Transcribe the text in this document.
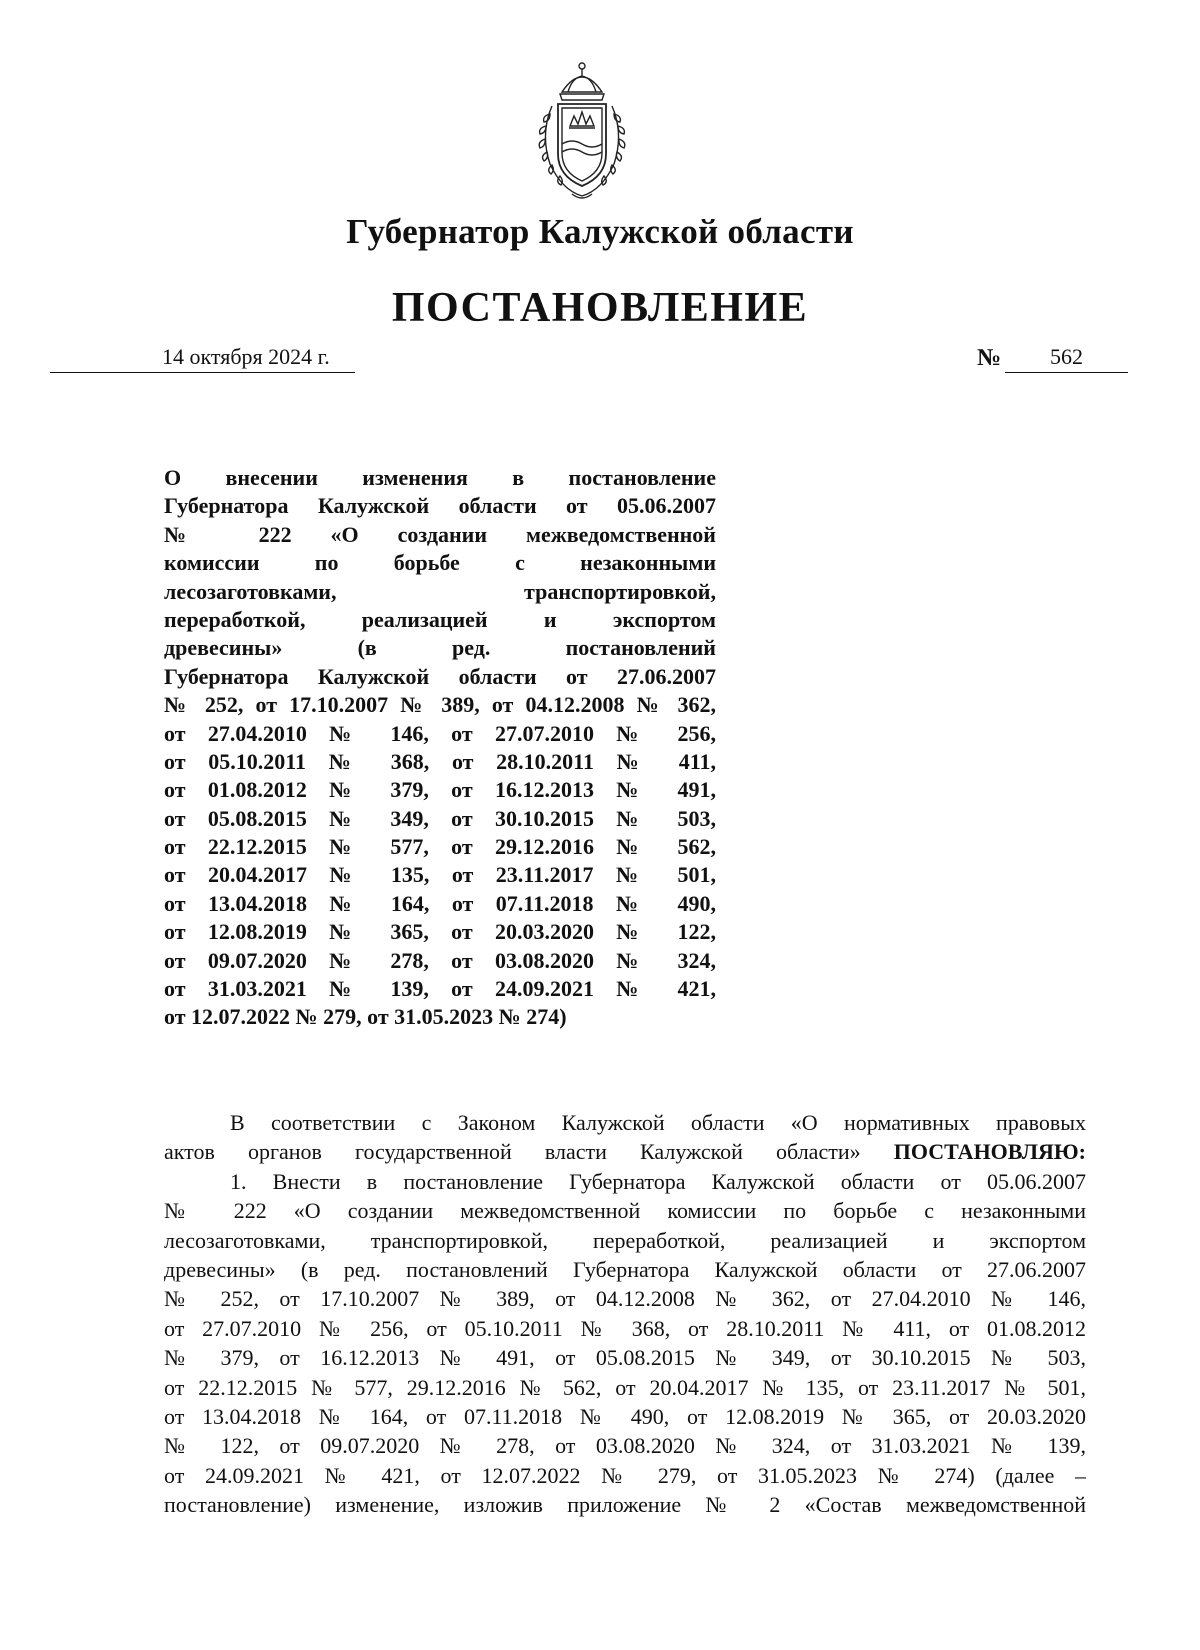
Губернатор Калужской области
ПОСТАНОВЛЕНИЕ
14 октября 2024 г.	№ 562
О внесении изменения в постановление
Губернатора Калужской области от 05.06.2007
№ 222 «О создании межведомственной
комиссии по борьбе с незаконными
лесозаготовками, транспортировкой,
переработкой, реализацией и экспортом
древесины» (в ред. постановлений
Губернатора Калужской области от 27.06.2007
№ 252, от 17.10.2007 № 389, от 04.12.2008 № 362,
от 27.04.2010 № 146, от 27.07.2010 № 256,
от 05.10.2011 № 368, от 28.10.2011 № 411,
от 01.08.2012 № 379, от 16.12.2013 № 491,
от 05.08.2015 № 349, от 30.10.2015 № 503,
от 22.12.2015 № 577, от 29.12.2016 № 562,
от 20.04.2017 № 135, от 23.11.2017 № 501,
от 13.04.2018 № 164, от 07.11.2018 № 490,
от 12.08.2019 № 365, от 20.03.2020 № 122,
от 09.07.2020 № 278, от 03.08.2020 № 324,
от 31.03.2021 № 139, от 24.09.2021 № 421,
от 12.07.2022 № 279, от 31.05.2023 № 274)
В соответствии с Законом Калужской области «О нормативных правовых
актов органов государственной власти Калужской области» ПОСТАНОВЛЯЮ:
1. Внести в постановление Губернатора Калужской области от 05.06.2007
№ 222 «О создании межведомственной комиссии по борьбе с незаконными
лесозаготовками, транспортировкой, переработкой, реализацией и экспортом
древесины» (в ред. постановлений Губернатора Калужской области от 27.06.2007
№ 252, от 17.10.2007 № 389, от 04.12.2008 № 362, от 27.04.2010 № 146,
от 27.07.2010 № 256, от 05.10.2011 № 368, от 28.10.2011 № 411, от 01.08.2012
№ 379, от 16.12.2013 № 491, от 05.08.2015 № 349, от 30.10.2015 № 503,
от 22.12.2015 № 577, 29.12.2016 № 562, от 20.04.2017 № 135, от 23.11.2017 № 501,
от 13.04.2018 № 164, от 07.11.2018 № 490, от 12.08.2019 № 365, от 20.03.2020
№ 122, от 09.07.2020 № 278, от 03.08.2020 № 324, от 31.03.2021 № 139,
от 24.09.2021 № 421, от 12.07.2022 № 279, от 31.05.2023 № 274) (далее –
постановление) изменение, изложив приложение № 2 «Состав межведомственной
